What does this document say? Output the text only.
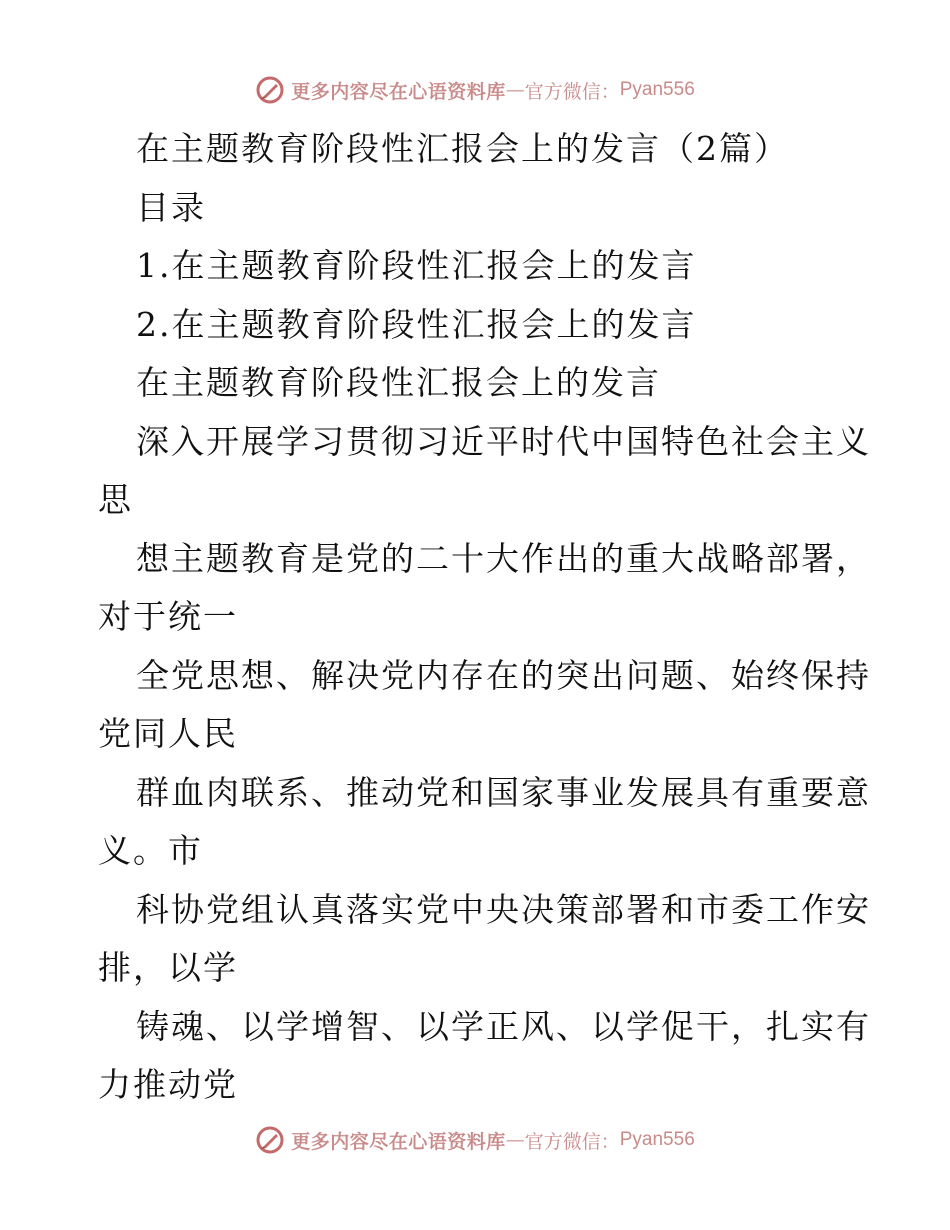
更多内容尽在心语资料库 — 官方微信： Pyan556
在主题教育阶段性汇报会上的发言（2篇）
目录
1.在主题教育阶段性汇报会上的发言
2.在主题教育阶段性汇报会上的发言
在主题教育阶段性汇报会上的发言
深入开展学习贯彻习近平时代中国特色社会主义
思
想主题教育是党的二十大作出的重大战略部署，
对于统一
全党思想、解决党内存在的突出问题、始终保持
党同人民
群血肉联系、推动党和国家事业发展具有重要意
义。市
科协党组认真落实党中央决策部署和市委工作安
排，以学
铸魂、以学增智、以学正风、以学促干，扎实有
力推动党
更多内容尽在心语资料库 — 官方微信： Pyan556
